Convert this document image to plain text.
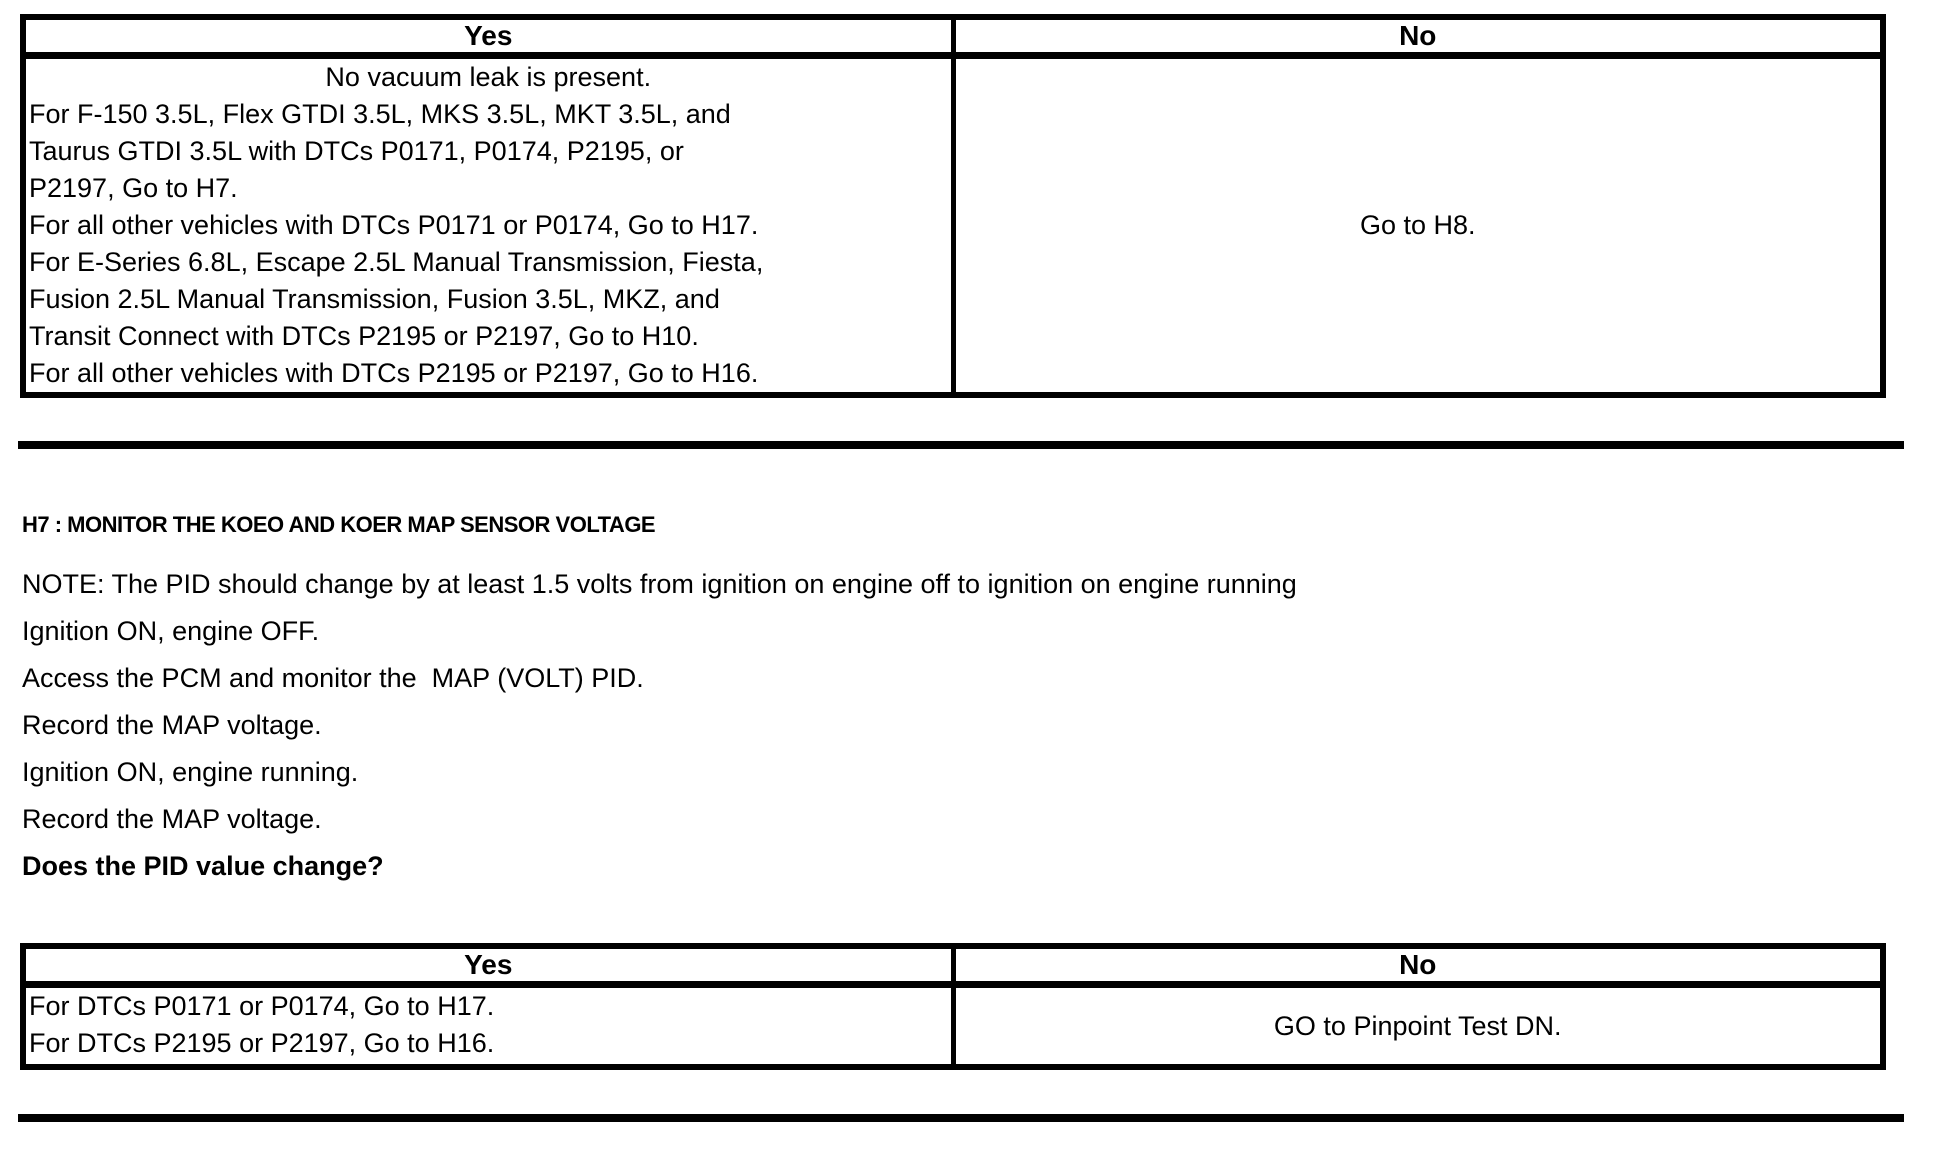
Yes	No
No vacuum leak is present.
For F-150 3.5L, Flex GTDI 3.5L, MKS 3.5L, MKT 3.5L, and
Taurus GTDI 3.5L with DTCs P0171, P0174, P2195, or
P2197, Go to H7.
For all other vehicles with DTCs P0171 or P0174, Go to H17.
For E-Series 6.8L, Escape 2.5L Manual Transmission, Fiesta,
Fusion 2.5L Manual Transmission, Fusion 3.5L, MKZ, and
Transit Connect with DTCs P2195 or P2197, Go to H10.
For all other vehicles with DTCs P2195 or P2197, Go to H16.
Go to H8.
H7 : MONITOR THE KOEO AND KOER MAP SENSOR VOLTAGE
NOTE: The PID should change by at least 1.5 volts from ignition on engine off to ignition on engine running
Ignition ON, engine OFF.
Access the PCM and monitor the  MAP (VOLT) PID.
Record the MAP voltage.
Ignition ON, engine running.
Record the MAP voltage.
Does the PID value change?
Yes	No
For DTCs P0171 or P0174, Go to H17.
For DTCs P2195 or P2197, Go to H16.
GO to Pinpoint Test DN.
